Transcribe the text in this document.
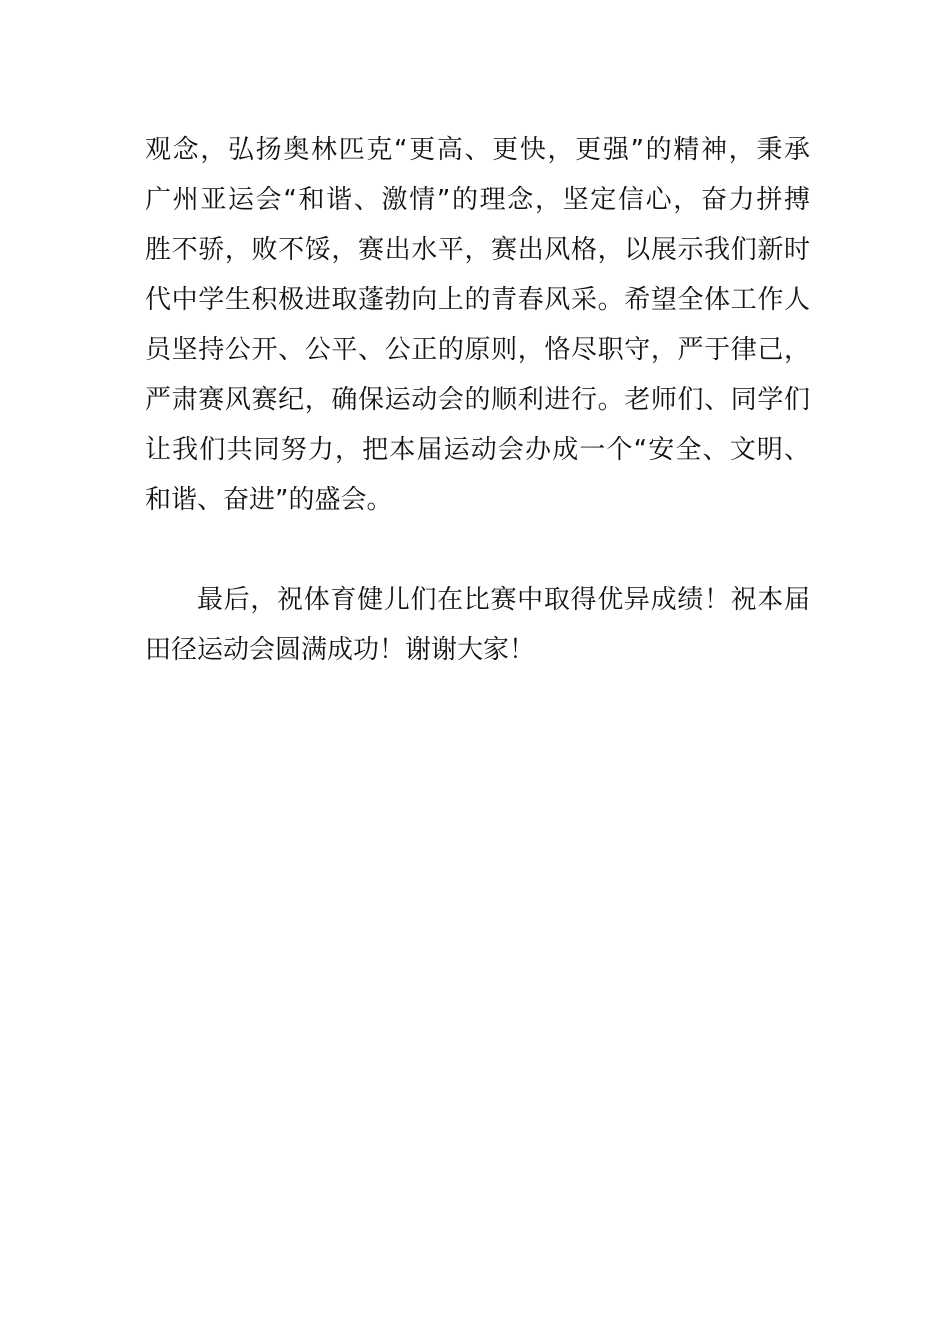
观念，弘扬奥林匹克“更高、更快，更强”的精神，秉承
广州亚运会“和谐、激情”的理念，坚定信心，奋力拼搏
胜不骄，败不馁，赛出水平，赛出风格，以展示我们新时
代中学生积极进取蓬勃向上的青春风采。希望全体工作人
员坚持公开、公平、公正的原则，恪尽职守，严于律己，
严肃赛风赛纪，确保运动会的顺利进行。老师们、同学们
让我们共同努力，把本届运动会办成一个“安全、文明、
和谐、奋进”的盛会。
最后，祝体育健儿们在比赛中取得优异成绩！祝本届
田径运动会圆满成功！谢谢大家！
